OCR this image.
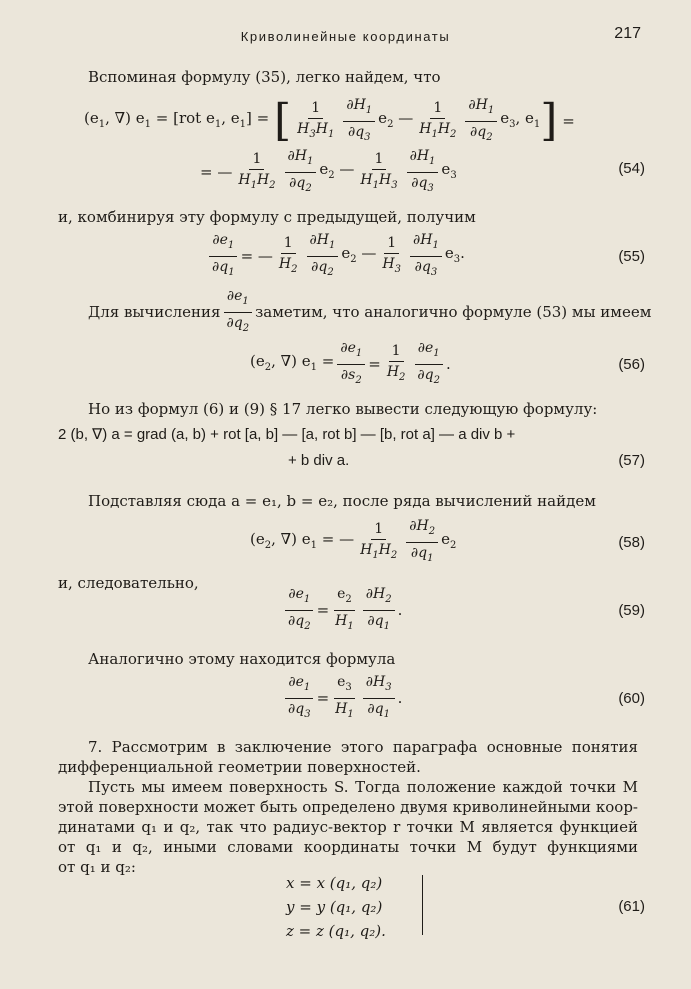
Криволинейные координаты	217
Вспоминая формулу (35), легко найдем, что
($e_1$, ∇) $e_1 = [rot$ $e_1$, $e_1$] = [ $\frac{1}{H_3H_1} \frac{\partial H_1}{\partial q_3} e_2$ — $\frac{1}{H_1H_2} \frac{\partial H_1}{\partial q_2} e_3$, $e_1$ ] =
= — $\frac{1}{H_1H_2} \frac{\partial H_1}{\partial q_2} e_2$ — $\frac{1}{H_1H_3} \frac{\partial H_1}{\partial q_3} e_3$	(54)
и, комбинируя эту формулу с предыдущей, получим
$\frac{\partial e_1}{\partial q_1}$ = — $\frac{1}{H_2} \frac{\partial H_1}{\partial q_2} e_2$ — $\frac{1}{H_3} \frac{\partial H_1}{\partial q_3} e_3$.	(55)
Для вычисления $\frac{\partial e_1}{\partial q_2}$ заметим, что аналогично формуле (53) мы имеем
($e_2$, ∇) $e_1 = \frac{\partial e_1}{\partial s_2} = \frac{1}{H_2} \frac{\partial e_1}{\partial q_2}$ .	(56)
Но из формул (6) и (9) § 17 легко вывести следующую формулу:
2 (b, ∇) a = grad (a, b) + rot [a, b] — [a, rot b] — [b, rot a] — a div b +
+ b div a.	(57)
Подставляя сюда a = e₁, b = e₂, после ряда вычислений найдем
($e_2$, ∇) $e_1$ = — $\frac{1}{H_1H_2} \frac{\partial H_2}{\partial q_1} e_2$	(58)
и, следовательно,
$\frac{\partial e_1}{\partial q_2} = \frac{e_2}{H_1} \frac{\partial H_2}{\partial q_1}$ .	(59)
Аналогично этому находится формула
$\frac{\partial e_1}{\partial q_3} = \frac{e_3}{H_1} \frac{\partial H_3}{\partial q_1}$ .	(60)
7. Рассмотрим в заключение этого параграфа основные понятия
дифференциальной геометрии поверхностей.
Пусть мы имеем поверхность S. Тогда положение каждой точки M
этой поверхности может быть определено двумя криволинейными коор-
динатами q₁ и q₂, так что радиус-вектор r точки M является функцией
от q₁ и q₂, иными словами координаты точки M будут функциями
от q₁ и q₂:
x = x (q₁, q₂)
y = y (q₁, q₂)
z = z (q₁, q₂).
(61)
